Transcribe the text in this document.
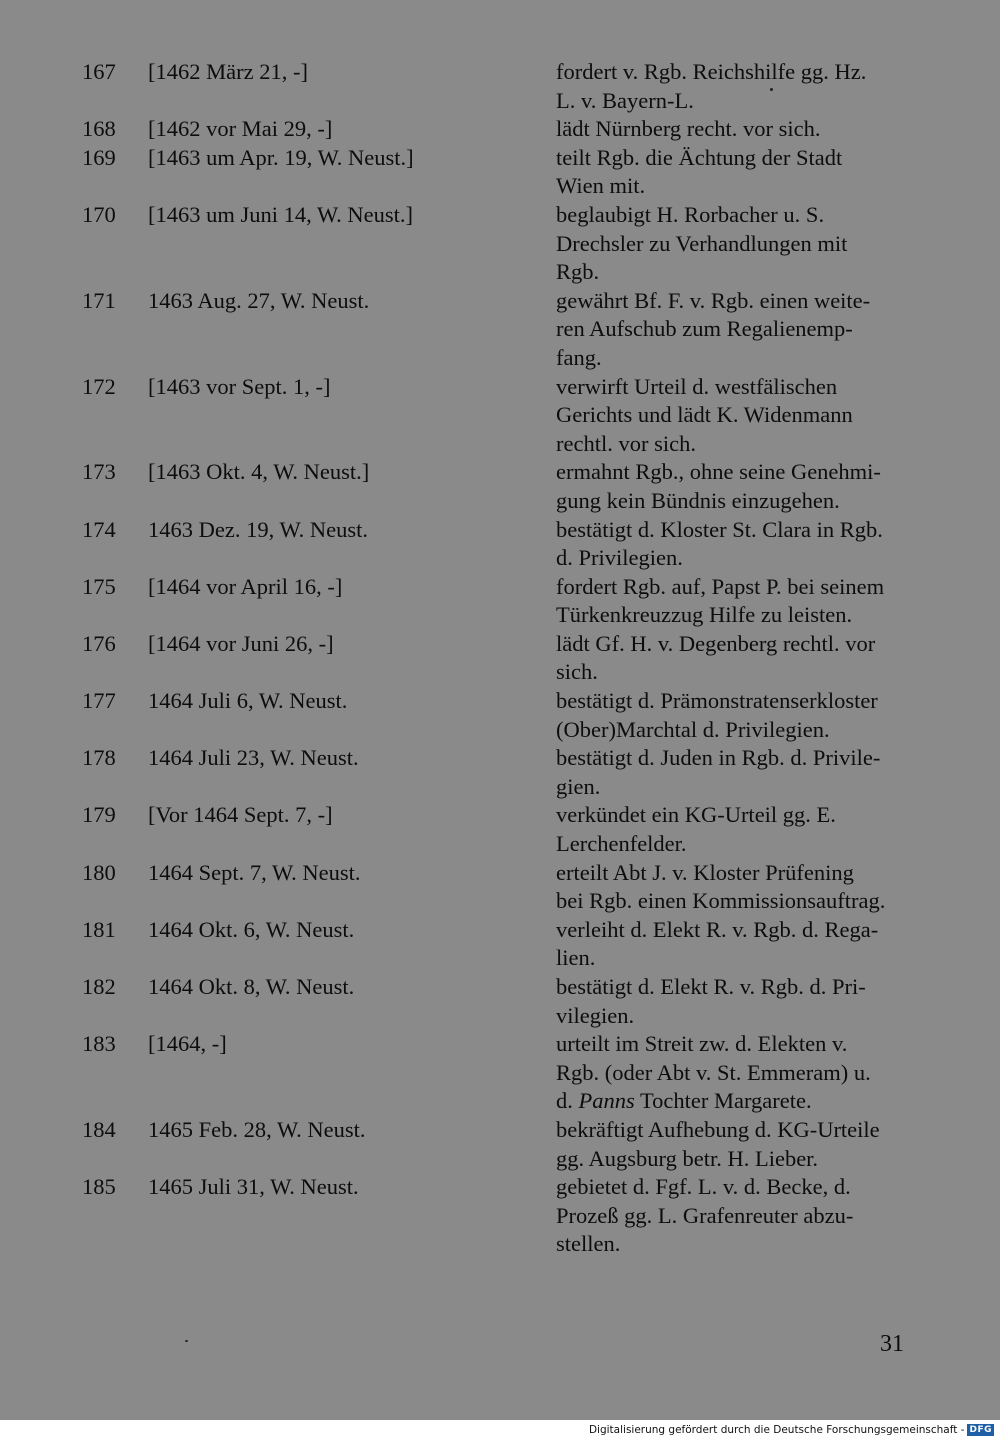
167	[1462 März 21, -]	fordert v. Rgb. Reichshilfe gg. Hz.
L. v. Bayern-L.
168	[1462 vor Mai 29, -]	lädt Nürnberg recht. vor sich.
169	[1463 um Apr. 19, W. Neust.]	teilt Rgb. die Ächtung der Stadt
Wien mit.
170	[1463 um Juni 14, W. Neust.]	beglaubigt H. Rorbacher u. S.
Drechsler zu Verhandlungen mit
Rgb.
171	1463 Aug. 27, W. Neust.	gewährt Bf. F. v. Rgb. einen weite-
ren Aufschub zum Regalienemp-
fang.
172	[1463 vor Sept. 1, -]	verwirft Urteil d. westfälischen
Gerichts und lädt K. Widenmann
rechtl. vor sich.
173	[1463 Okt. 4, W. Neust.]	ermahnt Rgb., ohne seine Genehmi-
gung kein Bündnis einzugehen.
174	1463 Dez. 19, W. Neust.	bestätigt d. Kloster St. Clara in Rgb.
d. Privilegien.
175	[1464 vor April 16, -]	fordert Rgb. auf, Papst P. bei seinem
Türkenkreuzzug Hilfe zu leisten.
176	[1464 vor Juni 26, -]	lädt Gf. H. v. Degenberg rechtl. vor
sich.
177	1464 Juli 6, W. Neust.	bestätigt d. Prämonstratenserkloster
(Ober)Marchtal d. Privilegien.
178	1464 Juli 23, W. Neust.	bestätigt d. Juden in Rgb. d. Privile-
gien.
179	[Vor 1464 Sept. 7, -]	verkündet ein KG-Urteil gg. E.
Lerchenfelder.
180	1464 Sept. 7, W. Neust.	erteilt Abt J. v. Kloster Prüfening
bei Rgb. einen Kommissionsauftrag.
181	1464 Okt. 6, W. Neust.	verleiht d. Elekt R. v. Rgb. d. Rega-
lien.
182	1464 Okt. 8, W. Neust.	bestätigt d. Elekt R. v. Rgb. d. Pri-
vilegien.
183	[1464, -]	urteilt im Streit zw. d. Elekten v.
Rgb. (oder Abt v. St. Emmeram) u.
d. Panns Tochter Margarete.
184	1465 Feb. 28, W. Neust.	bekräftigt Aufhebung d. KG-Urteile
gg. Augsburg betr. H. Lieber.
185	1465 Juli 31, W. Neust.	gebietet d. Fgf. L. v. d. Becke, d.
Prozeß gg. L. Grafenreuter abzu-
stellen.
31
Digitalisierung gefördert durch die Deutsche Forschungsgemeinschaft - DFG
